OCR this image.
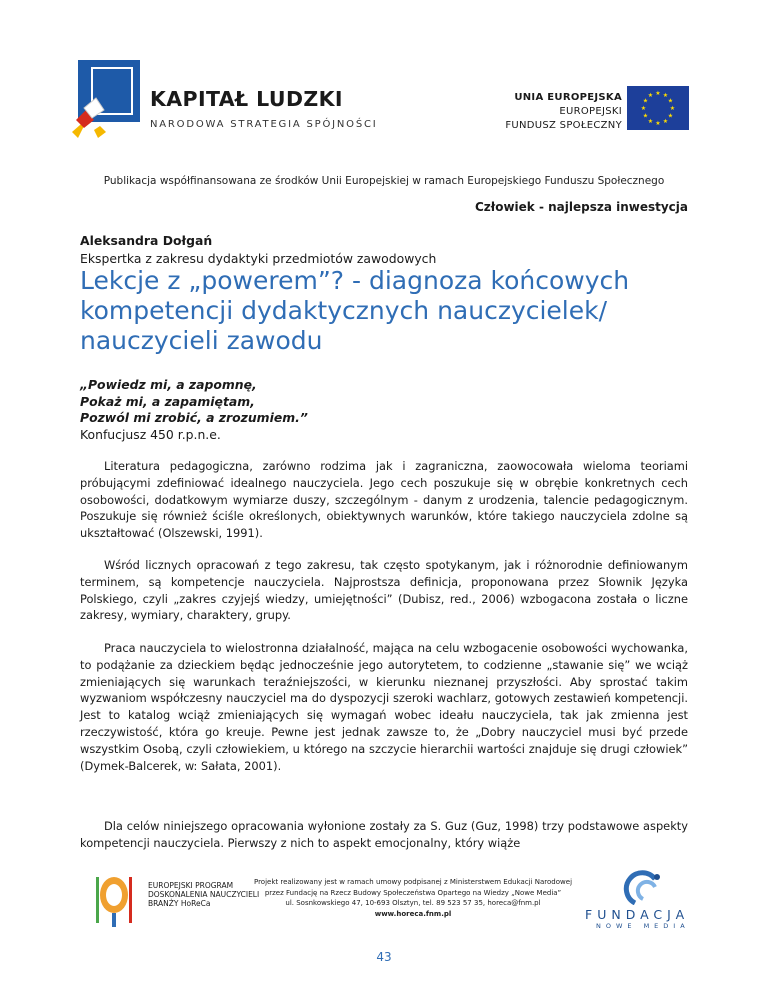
KAPITAŁ LUDZKI
NARODOWA STRATEGIA SPÓJNOŚCI
UNIA EUROPEJSKA
EUROPEJSKI
FUNDUSZ SPOŁECZNY
★ ★
★
★
★
★
★
★
★
★
★
★
Publikacja współfinansowana ze środków Unii Europejskiej w ramach Europejskiego Funduszu Społecznego
Człowiek - najlepsza inwestycja
Aleksandra Dołgań
Ekspertka z zakresu dydaktyki przedmiotów zawodowych
Lekcje z „powerem”? - diagnoza końcowych
kompetencji dydaktycznych nauczycielek/
nauczycieli zawodu
„Powiedz mi, a zapomnę,
Pokaż mi, a zapamiętam,
Pozwól mi zrobić, a zrozumiem.”
Konfucjusz 450 r.p.n.e.
Literatura pedagogiczna, zarówno rodzima jak i zagraniczna, zaowocowała wieloma teoriami próbującymi zdefiniować idealnego nauczyciela. Jego cech poszukuje się w obrębie konkretnych cech osobowości, dodatkowym wymiarze duszy, szczególnym - danym z urodzenia, talencie pedagogicznym. Poszukuje się również ściśle określonych, obiektywnych warunków, które takiego nauczyciela zdolne są ukształtować (Olszewski, 1991).
Wśród licznych opracowań z tego zakresu, tak często spotykanym, jak i różnorodnie definiowanym terminem, są kompetencje nauczyciela. Najprostsza definicja, proponowana przez Słownik Języka Polskiego, czyli „zakres czyjejś wiedzy, umiejętności” (Dubisz, red., 2006) wzbogacona została o liczne zakresy, wymiary, charaktery, grupy.
Praca nauczyciela to wielostronna działalność, mająca na celu wzbogacenie osobowości wychowanka, to podążanie za dzieckiem będąc jednocześnie jego autorytetem, to codzienne „stawanie się” we wciąż zmieniających się warunkach teraźniejszości, w kierunku nieznanej przyszłości. Aby sprostać takim wyzwaniom współczesny nauczyciel ma do dyspozycji szeroki wachlarz, gotowych zestawień kompetencji. Jest to katalog wciąż zmieniających się wymagań wobec ideału nauczyciela, tak jak zmienna jest rzeczywistość, która go kreuje. Pewne jest jednak zawsze to, że „Dobry nauczyciel musi być przede wszystkim Osobą, czyli człowiekiem, u którego na szczycie hierarchii wartości znajduje się drugi człowiek” (Dymek-Balcerek, w: Sałata, 2001).
Dla celów niniejszego opracowania wyłonione zostały za S. Guz (Guz, 1998) trzy podstawowe aspekty kompetencji nauczyciela. Pierwszy z nich to aspekt emocjonalny, który wiąże
EUROPEJSKI PROGRAM
DOSKONALENIA NAUCZYCIELI
BRANŻY HoReCa
Projekt realizowany jest w ramach umowy podpisanej z Ministerstwem Edukacji Narodowej
przez Fundację na Rzecz Budowy Społeczeństwa Opartego na Wiedzy „Nowe Media”
ul. Sosnkowskiego 47, 10-693 Olsztyn, tel. 89 523 57 35, horeca@fnm.pl
www.horeca.fnm.pl	FUNDACJA
NOWE MEDIA
43
